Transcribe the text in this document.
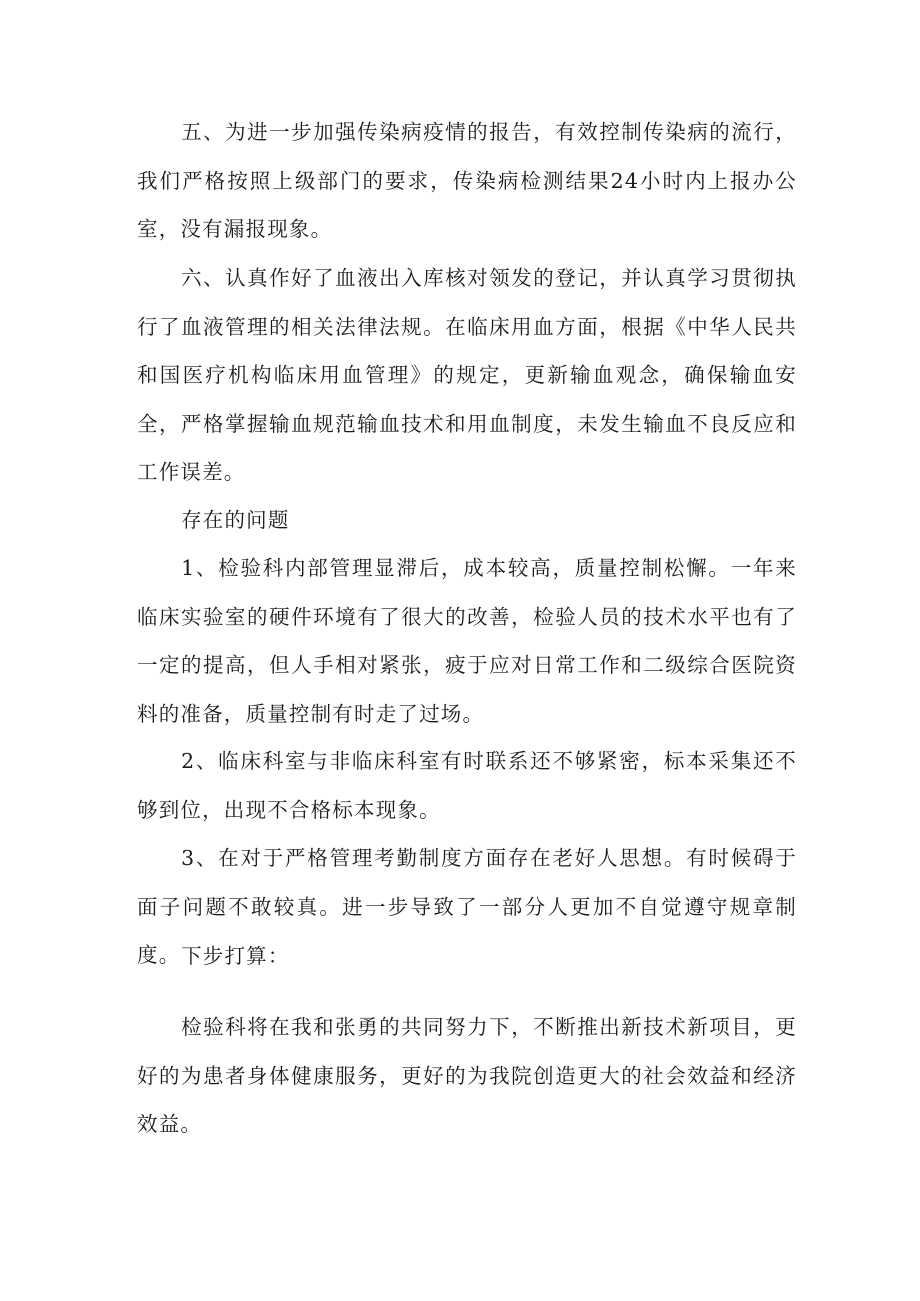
五、为进一步加强传染病疫情的报告，有效控制传染病的流行，我们严格按照上级部门的要求，传染病检测结果24小时内上报办公室，没有漏报现象。

六、认真作好了血液出入库核对领发的登记，并认真学习贯彻执行了血液管理的相关法律法规。在临床用血方面，根据《中华人民共和国医疗机构临床用血管理》的规定，更新输血观念，确保输血安全，严格掌握输血规范输血技术和用血制度，未发生输血不良反应和工作误差。

存在的问题

1、检验科内部管理显滞后，成本较高，质量控制松懈。一年来临床实验室的硬件环境有了很大的改善，检验人员的技术水平也有了一定的提高，但人手相对紧张，疲于应对日常工作和二级综合医院资料的准备，质量控制有时走了过场。

2、临床科室与非临床科室有时联系还不够紧密，标本采集还不够到位，出现不合格标本现象。

3、在对于严格管理考勤制度方面存在老好人思想。有时候碍于面子问题不敢较真。进一步导致了一部分人更加不自觉遵守规章制度。 下步打算：

检验科将在我和张勇的共同努力下，不断推出新技术新项目，更好的为患者身体健康服务，更好的为我院创造更大的社会效益和经济效益。
